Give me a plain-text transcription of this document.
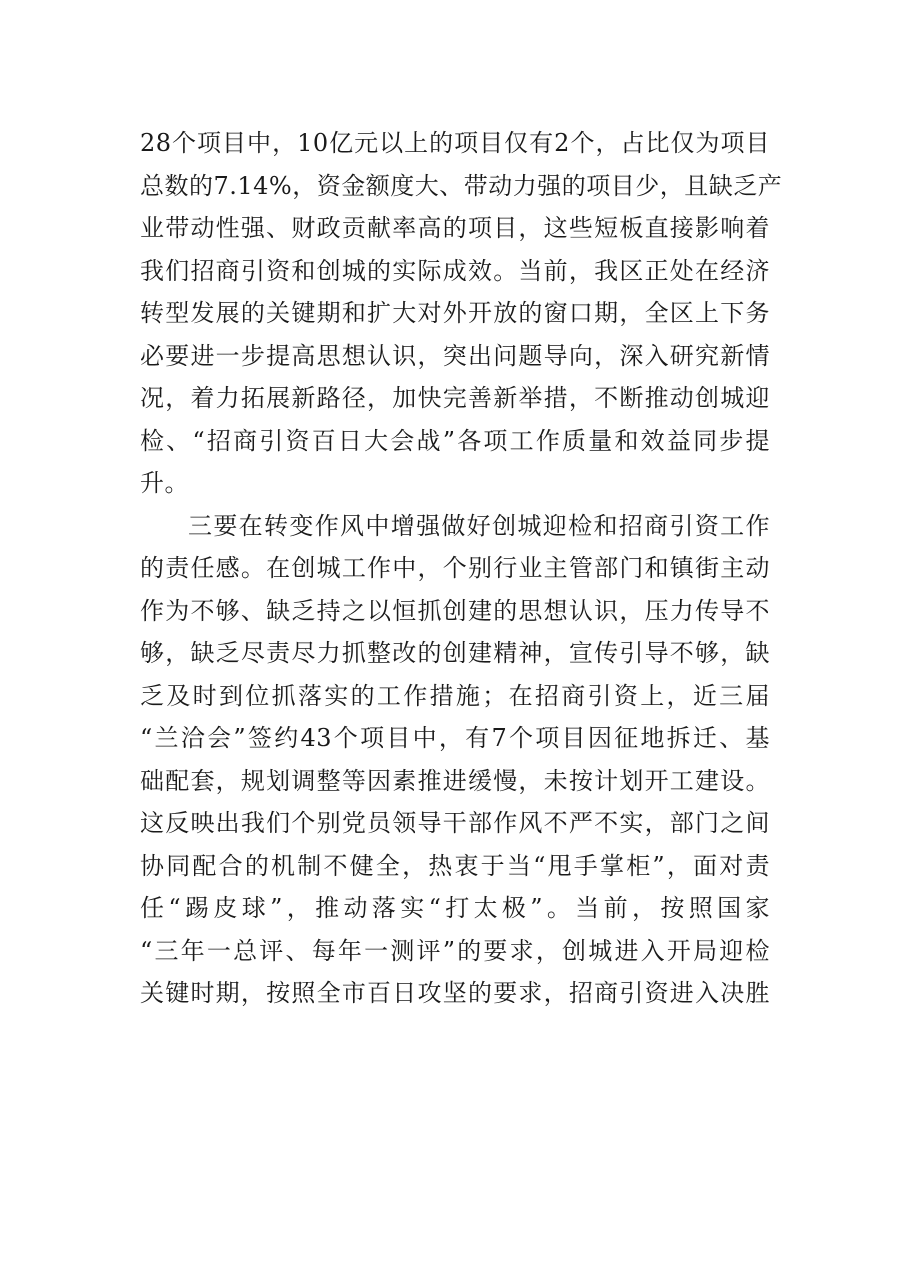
28个项目中，10亿元以上的项目仅有2个，占比仅为项目
总数的7.14%，资金额度大、带动力强的项目少，且缺乏产
业带动性强、财政贡献率高的项目，这些短板直接影响着
我们招商引资和创城的实际成效。当前，我区正处在经济
转型发展的关键期和扩大对外开放的窗口期，全区上下务
必要进一步提高思想认识，突出问题导向，深入研究新情
况，着力拓展新路径，加快完善新举措，不断推动创城迎
检、“招商引资百日大会战”各项工作质量和效益同步提
升。
三要在转变作风中增强做好创城迎检和招商引资工作
的责任感。在创城工作中，个别行业主管部门和镇街主动
作为不够、缺乏持之以恒抓创建的思想认识，压力传导不
够，缺乏尽责尽力抓整改的创建精神，宣传引导不够，缺
乏及时到位抓落实的工作措施；在招商引资上，近三届
“兰洽会”签约43个项目中，有7个项目因征地拆迁、基
础配套，规划调整等因素推进缓慢，未按计划开工建设。
这反映出我们个别党员领导干部作风不严不实，部门之间
协同配合的机制不健全，热衷于当“甩手掌柜”，面对责
任“踢皮球”，推动落实“打太极”。当前，按照国家
“三年一总评、每年一测评”的要求，创城进入开局迎检
关键时期，按照全市百日攻坚的要求，招商引资进入决胜
